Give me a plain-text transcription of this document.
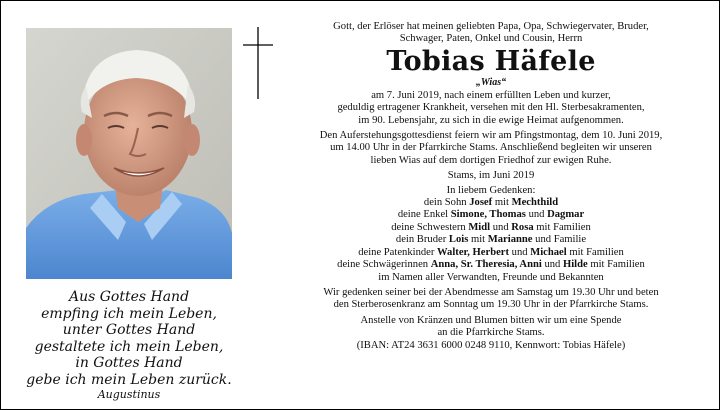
Aus Gottes Hand
empfing ich mein Leben,
unter Gottes Hand
gestaltete ich mein Leben,
in Gottes Hand
gebe ich mein Leben zurück.
Augustinus

Gott, der Erlöser hat meinen geliebten Papa, Opa, Schwiegervater, Bruder,

Schwager, Paten, Onkel und Cousin, Herrn

Tobias Häfele
„Wias“

am 7. Juni 2019, nach einem erfüllten Leben und kurzer,

geduldig ertragener Krankheit, versehen mit den Hl. Sterbesakramenten,

im 90. Lebensjahr, zu sich in die ewige Heimat aufgenommen.

Den Auferstehungsgottesdienst feiern wir am Pfingstmontag, dem 10. Juni 2019,

um 14.00 Uhr in der Pfarrkirche Stams. Anschließend begleiten wir unseren

lieben Wias auf dem dortigen Friedhof zur ewigen Ruhe.

Stams, im Juni 2019

In liebem Gedenken:

dein Sohn Josef mit Mechthild

deine Enkel Simone, Thomas und Dagmar

deine Schwestern Midl und Rosa mit Familien

dein Bruder Lois mit Marianne und Familie

deine Patenkinder Walter, Herbert und Michael mit Familien

deine Schwägerinnen Anna, Sr. Theresia, Anni und Hilde mit Familien

im Namen aller Verwandten, Freunde und Bekannten

Wir gedenken seiner bei der Abendmesse am Samstag um 19.30 Uhr und beten

den Sterberosenkranz am Sonntag um 19.30 Uhr in der Pfarrkirche Stams.

Anstelle von Kränzen und Blumen bitten wir um eine Spende

an die Pfarrkirche Stams.

(IBAN: AT24 3631 6000 0248 9110, Kennwort: Tobias Häfele)
